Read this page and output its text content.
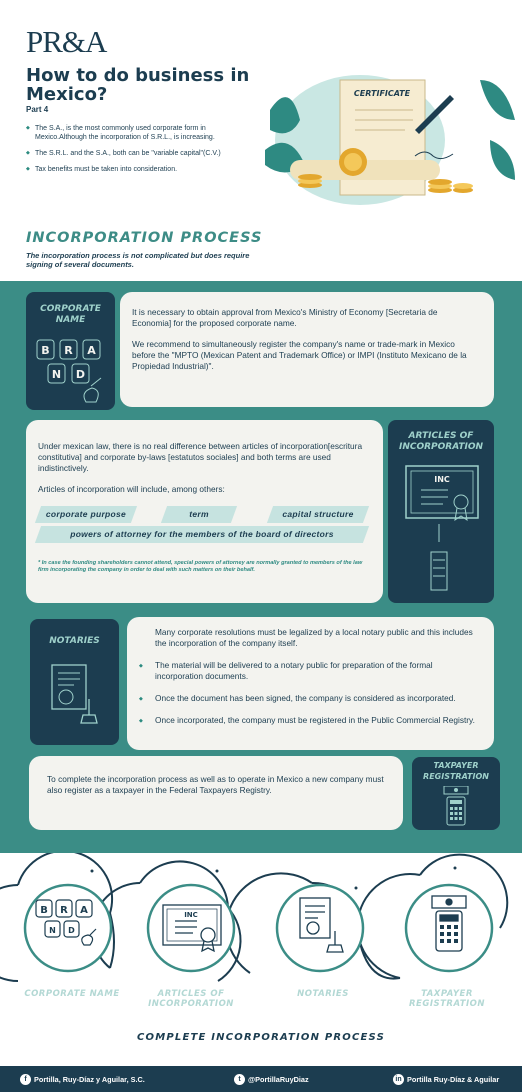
PR&A
How to do business in Mexico?
Part 4
◆ The S.A., is the most commonly used corporate form in Mexico.Although the incorporation of S.R.L., is increasing.
◆ The S.R.L. and the S.A., both can be "variable capital"(C.V.)
◆ Tax benefits must be taken into consideration.
CERTIFICATE
INCORPORATION PROCESS
The incorporation process is not complicated but does require signing of several documents.
CORPORATE NAME
B R A
N D

It is necessary to obtain approval from Mexico's Ministry of Economy [Secretaria de Economia] for the proposed corporate name.

We recommend to simultaneously register the company's name or trade-mark in Mexico before the "MPTO (Mexican Patent and Trademark Office) or IMPI (Instituto Mexicano de la Propiedad Industrial)".

Under mexican law, there is no real difference between articles of incorporation[escritura constitutiva] and corporate by-laws [estatutos sociales] and both terms are used indistinctively.

Articles of incorporation will include, among others:

corporate purpose	term	capital structure
powers of attorney for the members of the board of directors

* In case the founding shareholders cannot attend, special powers of attorney are normally granted to members of the law firm incorporating the company in order to deal with such matters on their behalf.

ARTICLES OF INCORPORATION
INC
NOTARIES

Many corporate resolutions must be legalized by a local notary public and this includes the incorporation of the company itself.

◆ The material will be delivered to a notary public for preparation of the formal incorporation documents.
◆ Once the document has been signed, the company is considered as incorporated.
◆ Once incorporated, the company must be registered in the Public Commercial Registry.

To complete the incorporation process as well as to operate in Mexico a new company must also register as a taxpayer in the Federal Taxpayers Registry.

TAXPAYER REGISTRATION
B R A
N D
INC
CORPORATE NAME	ARTICLES OF INCORPORATION
NOTARIES	TAXPAYER REGISTRATION
COMPLETE INCORPORATION PROCESS
f	Portilla, Ruy-Díaz y Aguilar, S.C.	t	@PortillaRuyDiaz	in Portilla Ruy-Díaz & Aguilar
